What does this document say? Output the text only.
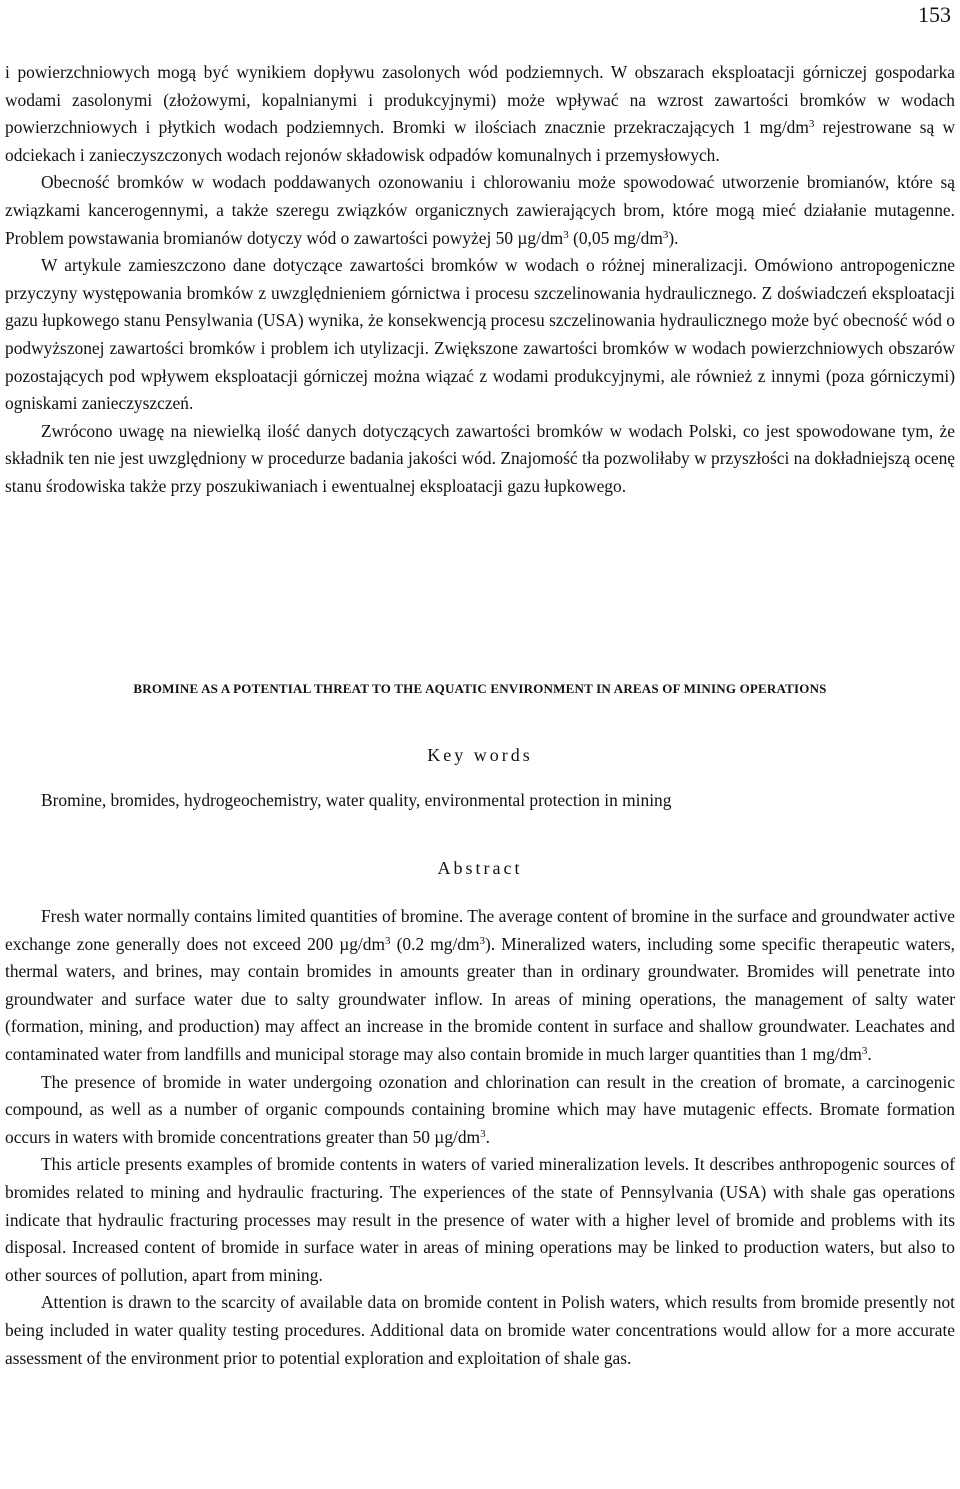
153

i powierzchniowych mogą być wynikiem dopływu zasolonych wód podziemnych. W obszarach eksploatacji górniczej gospodarka wodami zasolonymi (złożowymi, kopalnianymi i produkcyjnymi) może wpływać na wzrost zawartości bromków w wodach powierzchniowych i płytkich wodach podziemnych. Bromki w ilościach znacznie przekraczających 1 $mg/dm^3$ rejestrowane są w odciekach i zanieczyszczonych wodach rejonów składowisk odpadów komunalnych i przemysłowych.

Obecność bromków w wodach poddawanych ozonowaniu i chlorowaniu może spowodować utworzenie bromianów, które są związkami kancerogennymi, a także szeregu związków organicznych zawierających brom, które mogą mieć działanie mutagenne. Problem powstawania bromianów dotyczy wód o zawartości powyżej 50 $\mu g/dm^3$ (0,05 $mg/dm^3$).

W artykule zamieszczono dane dotyczące zawartości bromków w wodach o różnej mineralizacji. Omówiono antropogeniczne przyczyny występowania bromków z uwzględnieniem górnictwa i procesu szczelinowania hydraulicznego. Z doświadczeń eksploatacji gazu łupkowego stanu Pensylwania (USA) wynika, że konsekwencją procesu szczelinowania hydraulicznego może być obecność wód o podwyższonej zawartości bromków i problem ich utylizacji. Zwiększone zawartości bromków w wodach powierzchniowych obszarów pozostających pod wpływem eksploatacji górniczej można wiązać z wodami produkcyjnymi, ale również z innymi (poza górniczymi) ogniskami zanieczyszczeń.

Zwrócono uwagę na niewielką ilość danych dotyczących zawartości bromków w wodach Polski, co jest spowodowane tym, że składnik ten nie jest uwzględniony w procedurze badania jakości wód. Znajomość tła pozwoliłaby w przyszłości na dokładniejszą ocenę stanu środowiska także przy poszukiwaniach i ewentualnej eksploatacji gazu łupkowego.

BROMINE AS A POTENTIAL THREAT TO THE AQUATIC ENVIRONMENT IN AREAS OF MINING OPERATIONS
Key words
Bromine, bromides, hydrogeochemistry, water quality, environmental protection in mining
Abstract

Fresh water normally contains limited quantities of bromine. The average content of bromine in the surface and groundwater active exchange zone generally does not exceed 200 $\mu g/dm^3$ (0.2 $mg/dm^3$). Mineralized waters, including some specific therapeutic waters, thermal waters, and brines, may contain bromides in amounts greater than in ordinary groundwater. Bromides will penetrate into groundwater and surface water due to salty groundwater inflow. In areas of mining operations, the management of salty water (formation, mining, and production) may affect an increase in the bromide content in surface and shallow groundwater. Leachates and contaminated water from landfills and municipal storage may also contain bromide in much larger quantities than 1 $mg/dm^3$.

The presence of bromide in water undergoing ozonation and chlorination can result in the creation of bromate, a carcinogenic compound, as well as a number of organic compounds containing bromine which may have mutagenic effects. Bromate formation occurs in waters with bromide concentrations greater than 50 $\mu g/dm^3$.

This article presents examples of bromide contents in waters of varied mineralization levels. It describes anthropogenic sources of bromides related to mining and hydraulic fracturing. The experiences of the state of Pennsylvania (USA) with shale gas operations indicate that hydraulic fracturing processes may result in the presence of water with a higher level of bromide and problems with its disposal. Increased content of bromide in surface water in areas of mining operations may be linked to production waters, but also to other sources of pollution, apart from mining.

Attention is drawn to the scarcity of available data on bromide content in Polish waters, which results from bromide presently not being included in water quality testing procedures. Additional data on bromide water concentrations would allow for a more accurate assessment of the environment prior to potential exploration and exploitation of shale gas.
